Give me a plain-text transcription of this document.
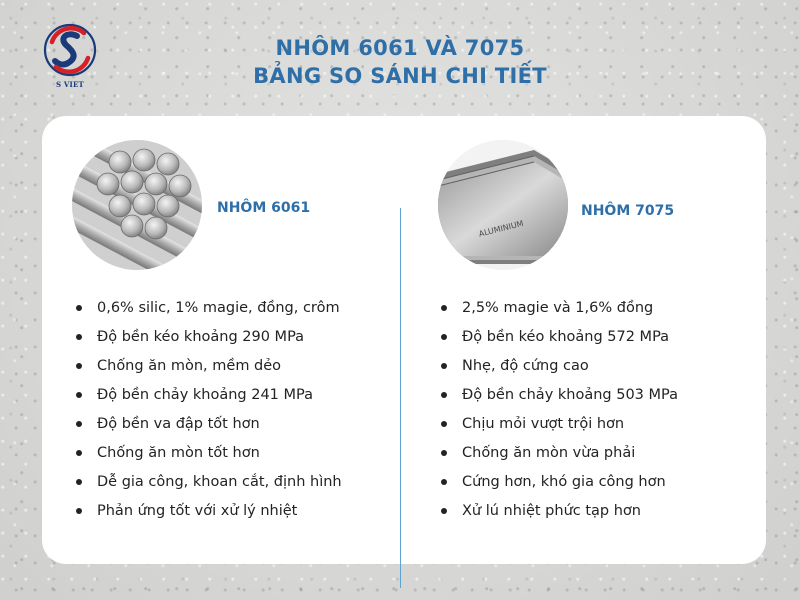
S VIET
NHÔM 6061 VÀ 7075
BẢNG SO SÁNH CHI TIẾT
NHÔM 6061
ALUMINIUM
NHÔM 7075
0,6% silic, 1% magie, đồng, crôm
Độ bền kéo khoảng 290 MPa
Chống ăn mòn, mềm dẻo
Độ bền chảy khoảng 241 MPa
Độ bền va đập tốt hơn
Chống ăn mòn tốt hơn
Dễ gia công, khoan cắt, định hình
Phản ứng tốt với xử lý nhiệt
2,5% magie và 1,6% đồng
Độ bền kéo khoảng 572 MPa
Nhẹ, độ cứng cao
Độ bền chảy khoảng 503 MPa
Chịu mỏi vượt trội hơn
Chống ăn mòn vừa phải
Cứng hơn, khó gia công hơn
Xử lú nhiệt phức tạp hơn
